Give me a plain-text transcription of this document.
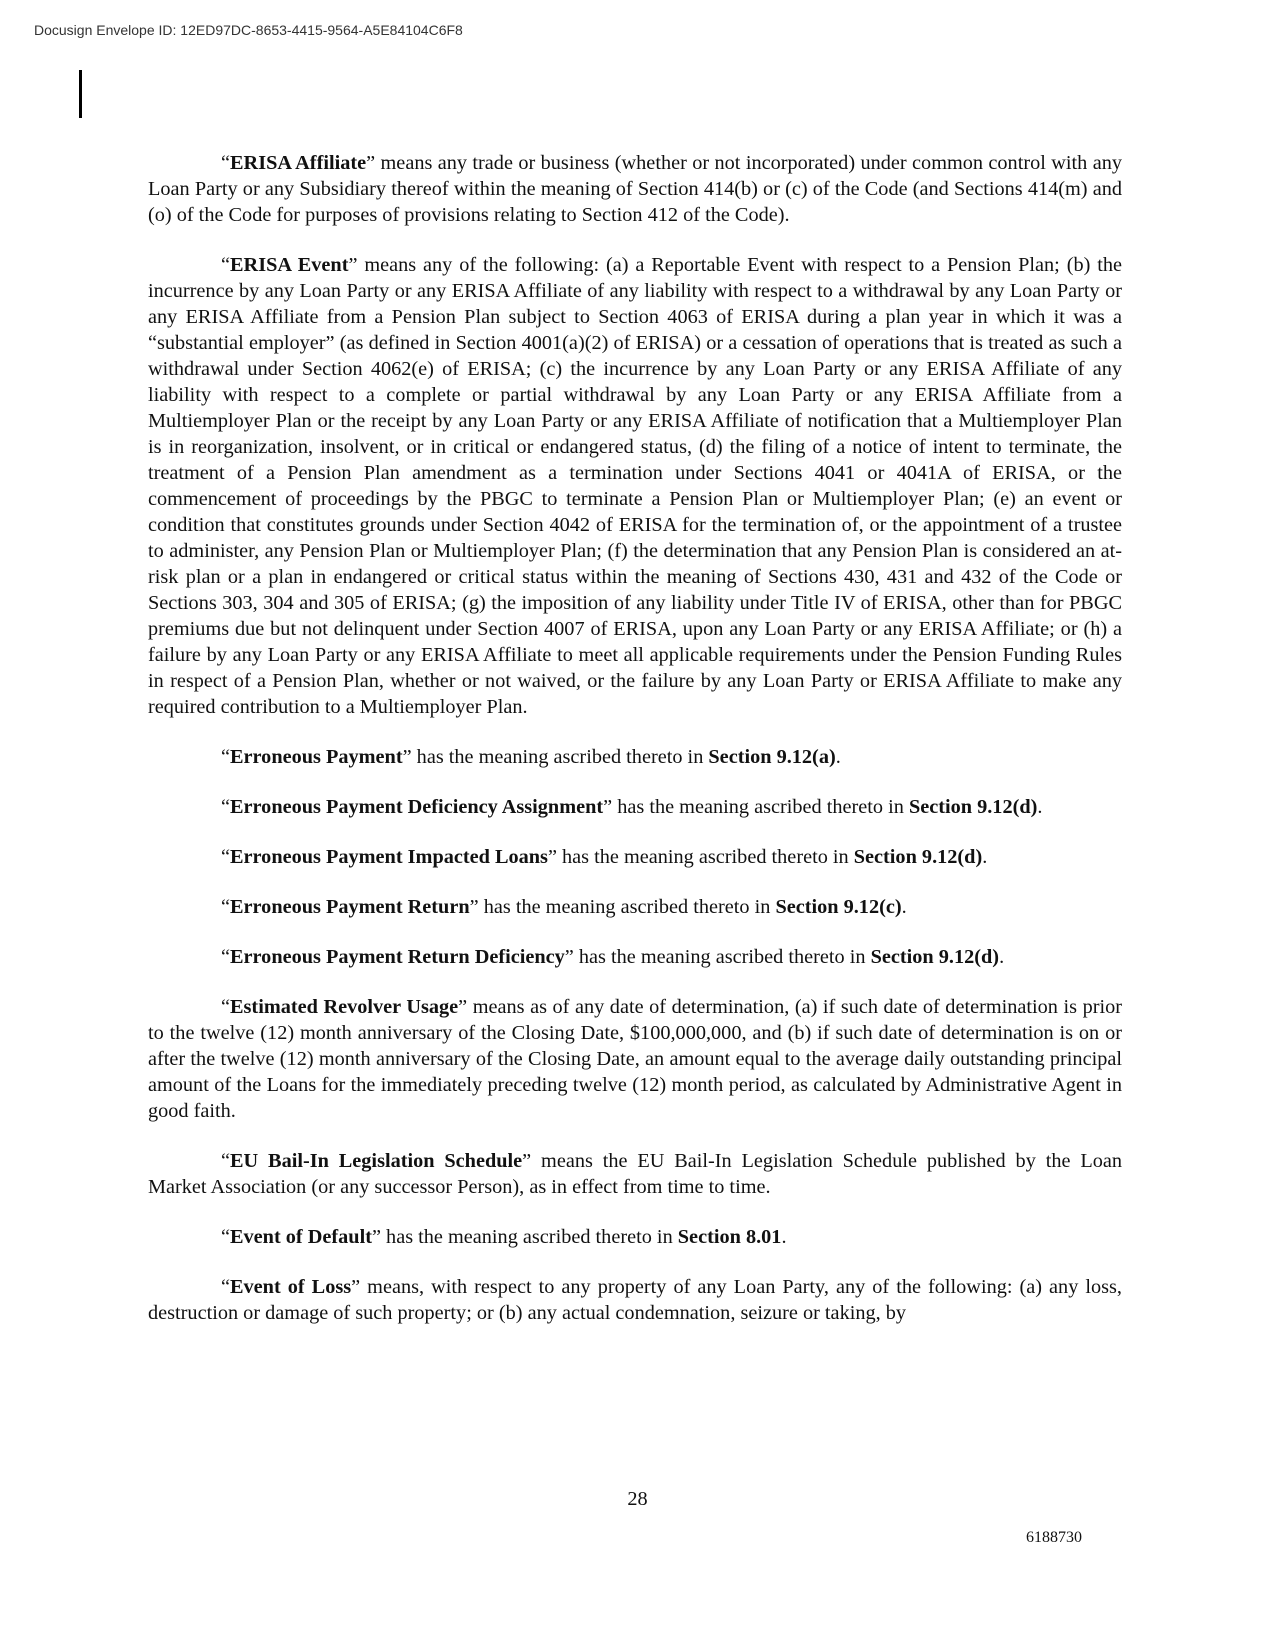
Docusign Envelope ID: 12ED97DC-8653-4415-9564-A5E84104C6F8

“ERISA Affiliate” means any trade or business (whether or not incorporated) under common control with any Loan Party or any Subsidiary thereof within the meaning of Section 414(b) or (c) of the Code (and Sections 414(m) and (o) of the Code for purposes of provisions relating to Section 412 of the Code).

“ERISA Event” means any of the following: (a) a Reportable Event with respect to a Pension Plan; (b) the incurrence by any Loan Party or any ERISA Affiliate of any liability with respect to a withdrawal by any Loan Party or any ERISA Affiliate from a Pension Plan subject to Section 4063 of ERISA during a plan year in which it was a “substantial employer” (as defined in Section 4001(a)(2) of ERISA) or a cessation of operations that is treated as such a withdrawal under Section 4062(e) of ERISA; (c) the incurrence by any Loan Party or any ERISA Affiliate of any liability with respect to a complete or partial withdrawal by any Loan Party or any ERISA Affiliate from a Multiemployer Plan or the receipt by any Loan Party or any ERISA Affiliate of notification that a Multiemployer Plan is in reorganization, insolvent, or in critical or endangered status, (d) the filing of a notice of intent to terminate, the treatment of a Pension Plan amendment as a termination under Sections 4041 or 4041A of ERISA, or the commencement of proceedings by the PBGC to terminate a Pension Plan or Multiemployer Plan; (e) an event or condition that constitutes grounds under Section 4042 of ERISA for the termination of, or the appointment of a trustee to administer, any Pension Plan or Multiemployer Plan; (f) the determination that any Pension Plan is considered an at-risk plan or a plan in endangered or critical status within the meaning of Sections 430, 431 and 432 of the Code or Sections 303, 304 and 305 of ERISA; (g) the imposition of any liability under Title IV of ERISA, other than for PBGC premiums due but not delinquent under Section 4007 of ERISA, upon any Loan Party or any ERISA Affiliate; or (h) a failure by any Loan Party or any ERISA Affiliate to meet all applicable requirements under the Pension Funding Rules in respect of a Pension Plan, whether or not waived, or the failure by any Loan Party or ERISA Affiliate to make any required contribution to a Multiemployer Plan.

“Erroneous Payment” has the meaning ascribed thereto in Section 9.12(a).

“Erroneous Payment Deficiency Assignment” has the meaning ascribed thereto in Section 9.12(d).

“Erroneous Payment Impacted Loans” has the meaning ascribed thereto in Section 9.12(d).

“Erroneous Payment Return” has the meaning ascribed thereto in Section 9.12(c).

“Erroneous Payment Return Deficiency” has the meaning ascribed thereto in Section 9.12(d).

“Estimated Revolver Usage” means as of any date of determination, (a) if such date of determination is prior to the twelve (12) month anniversary of the Closing Date, $100,000,000, and (b) if such date of determination is on or after the twelve (12) month anniversary of the Closing Date, an amount equal to the average daily outstanding principal amount of the Loans for the immediately preceding twelve (12) month period, as calculated by Administrative Agent in good faith.

“EU Bail-In Legislation Schedule” means the EU Bail-In Legislation Schedule published by the Loan Market Association (or any successor Person), as in effect from time to time.

“Event of Default” has the meaning ascribed thereto in Section 8.01.

“Event of Loss” means, with respect to any property of any Loan Party, any of the following: (a) any loss, destruction or damage of such property; or (b) any actual condemnation, seizure or taking, by

28
6188730
